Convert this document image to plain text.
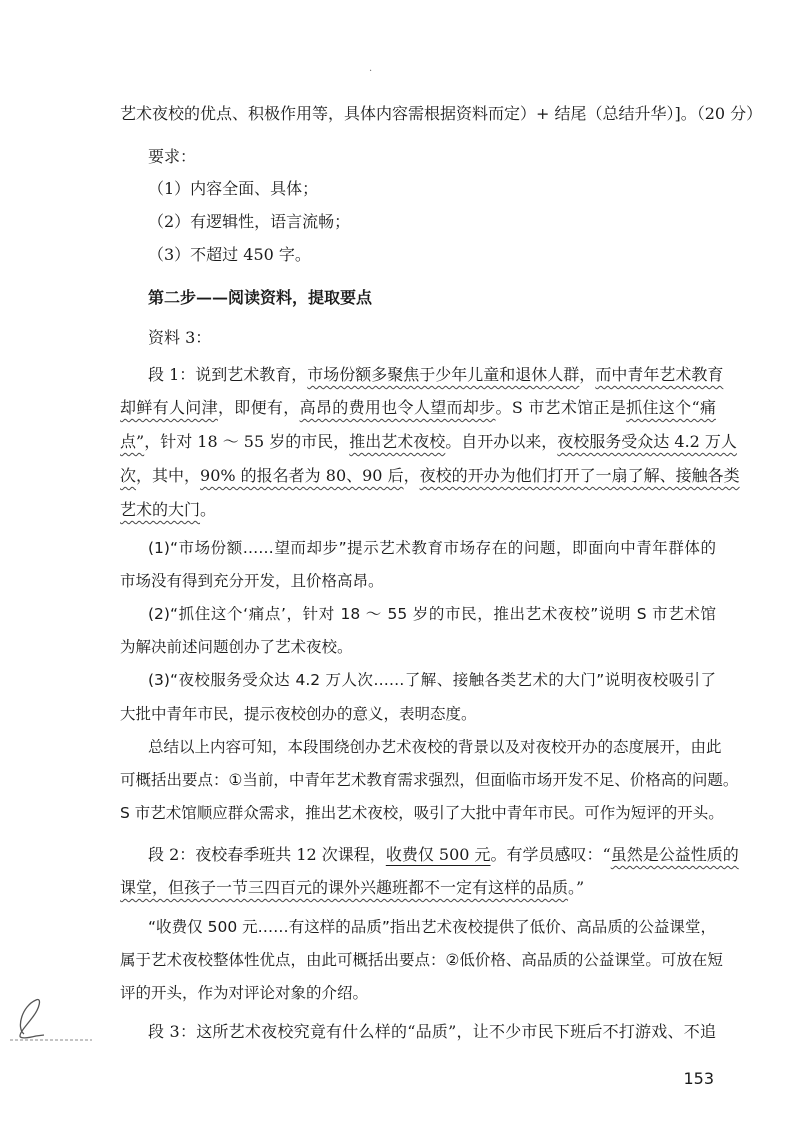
·
艺术夜校的优点、积极作用等，具体内容需根据资料而定）+ 结尾（总结升华）]。（20 分）
要求：
（1）内容全面、具体；
（2）有逻辑性，语言流畅；
（3）不超过 450 字。
第二步——阅读资料，提取要点
资料 3：
段 1：说到艺术教育，市场份额多聚焦于少年儿童和退休人群，而中青年艺术教育
却鲜有人问津，即便有，高昂的费用也令人望而却步。S 市艺术馆正是抓住这个“痛
点”，针对 18 ～ 55 岁的市民，推出艺术夜校。自开办以来，夜校服务受众达 4.2 万人
次，其中，90% 的报名者为 80、90 后，夜校的开办为他们打开了一扇了解、接触各类
艺术的大门。
(1)“市场份额……望而却步”提示艺术教育市场存在的问题，即面向中青年群体的
市场没有得到充分开发，且价格高昂。
(2)“抓住这个‘痛点’，针对 18 ～ 55 岁的市民，推出艺术夜校”说明 S 市艺术馆
为解决前述问题创办了艺术夜校。
(3)“夜校服务受众达 4.2 万人次……了解、接触各类艺术的大门”说明夜校吸引了
大批中青年市民，提示夜校创办的意义，表明态度。
总结以上内容可知，本段围绕创办艺术夜校的背景以及对夜校开办的态度展开，由此
可概括出要点：①当前，中青年艺术教育需求强烈，但面临市场开发不足、价格高的问题。
S 市艺术馆顺应群众需求，推出艺术夜校，吸引了大批中青年市民。可作为短评的开头。
段 2：夜校春季班共 12 次课程，收费仅 500 元。有学员感叹：“虽然是公益性质的
课堂，但孩子一节三四百元的课外兴趣班都不一定有这样的品质。”
“收费仅 500 元……有这样的品质”指出艺术夜校提供了低价、高品质的公益课堂，
属于艺术夜校整体性优点，由此可概括出要点：②低价格、高品质的公益课堂。可放在短
评的开头，作为对评论对象的介绍。
段 3：这所艺术夜校究竟有什么样的“品质”，让不少市民下班后不打游戏、不追
153
